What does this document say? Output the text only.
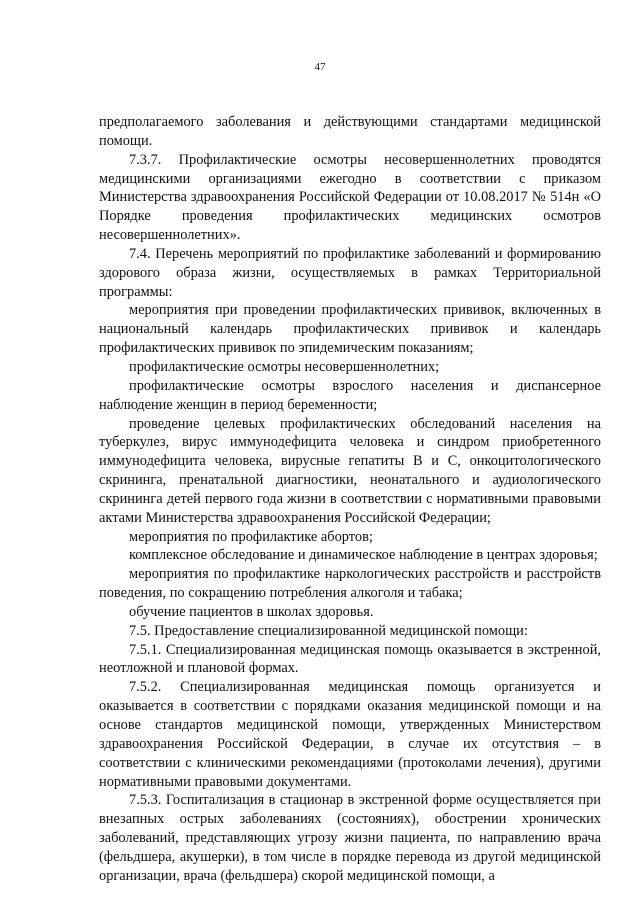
47

предполагаемого заболевания и действующими стандартами медицинской помощи.

7.3.7. Профилактические осмотры несовершеннолетних проводятся медицинскими организациями ежегодно в соответствии с приказом Министерства здравоохранения Российской Федерации от 10.08.2017 № 514н «О Порядке проведения профилактических медицинских осмотров несовершеннолетних».

7.4. Перечень мероприятий по профилактике заболеваний и формированию здорового образа жизни, осуществляемых в рамках Территориальной программы:

мероприятия при проведении профилактических прививок, включенных в национальный календарь профилактических прививок и календарь профилактических прививок по эпидемическим показаниям;

профилактические осмотры несовершеннолетних;

профилактические осмотры взрослого населения и диспансерное наблюдение женщин в период беременности;

проведение целевых профилактических обследований населения на туберкулез, вирус иммунодефицита человека и синдром приобретенного иммунодефицита человека, вирусные гепатиты B и C, онкоцитологического скрининга, пренатальной диагностики, неонатального и аудиологического скрининга детей первого года жизни в соответствии с нормативными правовыми актами Министерства здравоохранения Российской Федерации;

мероприятия по профилактике абортов;

комплексное обследование и динамическое наблюдение в центрах здоровья;

мероприятия по профилактике наркологических расстройств и расстройств поведения, по сокращению потребления алкоголя и табака;

обучение пациентов в школах здоровья.

7.5. Предоставление специализированной медицинской помощи:

7.5.1. Специализированная медицинская помощь оказывается в экстренной, неотложной и плановой формах.

7.5.2. Специализированная медицинская помощь организуется и оказывается в соответствии с порядками оказания медицинской помощи и на основе стандартов медицинской помощи, утвержденных Министерством здравоохранения Российской Федерации, в случае их отсутствия – в соответствии с клиническими рекомендациями (протоколами лечения), другими нормативными правовыми документами.

7.5.3. Госпитализация в стационар в экстренной форме осуществляется при внезапных острых заболеваниях (состояниях), обострении хронических заболеваний, представляющих угрозу жизни пациента, по направлению врача (фельдшера, акушерки), в том числе в порядке перевода из другой медицинской организации, врача (фельдшера) скорой медицинской помощи, а
